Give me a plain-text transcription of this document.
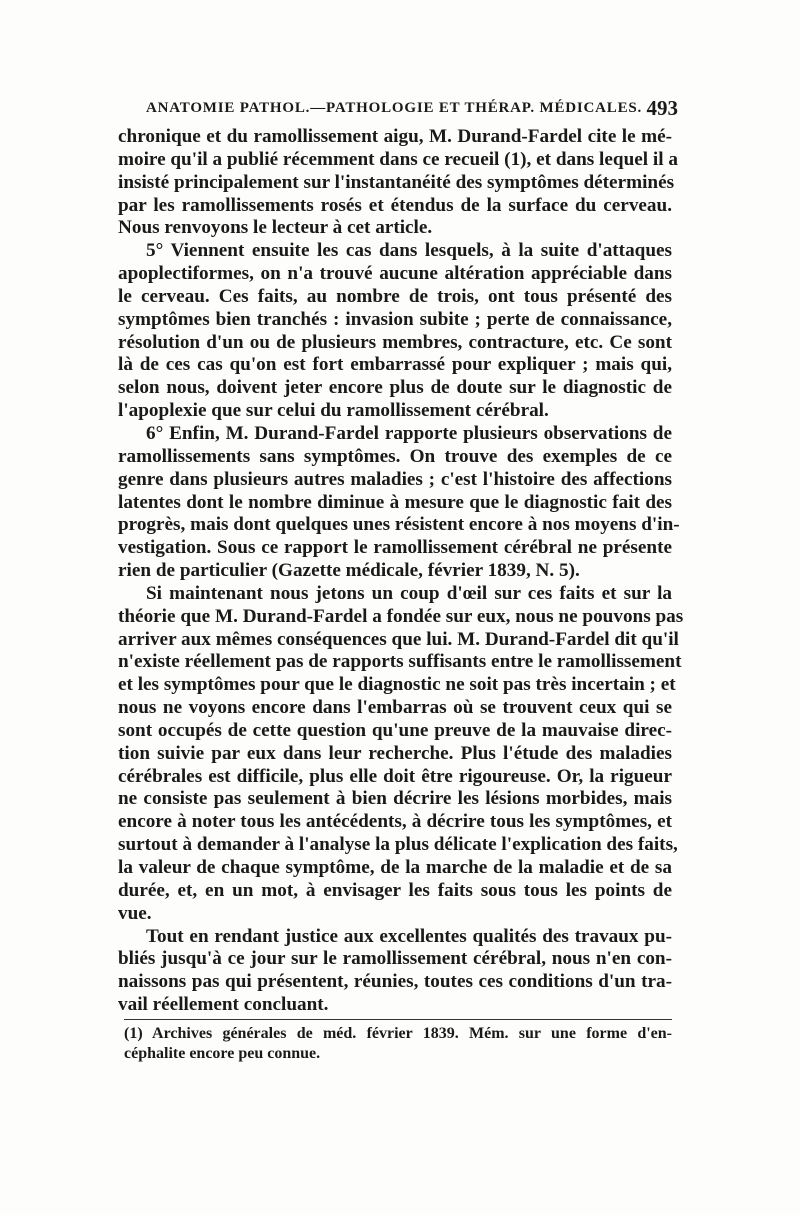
ANATOMIE PATHOL.—PATHOLOGIE ET THÉRAP. MÉDICALES. 493
chronique et du ramollissement aigu, M. Durand-Fardel cite le mé-
moire qu'il a publié récemment dans ce recueil (1), et dans lequel il a
insisté principalement sur l'instantanéité des symptômes déterminés
par les ramollissements rosés et étendus de la surface du cerveau.
Nous renvoyons le lecteur à cet article.
5° Viennent ensuite les cas dans lesquels, à la suite d'attaques
apoplectiformes, on n'a trouvé aucune altération appréciable dans
le cerveau. Ces faits, au nombre de trois, ont tous présenté des
symptômes bien tranchés : invasion subite ; perte de connaissance,
résolution d'un ou de plusieurs membres, contracture, etc. Ce sont
là de ces cas qu'on est fort embarrassé pour expliquer ; mais qui,
selon nous, doivent jeter encore plus de doute sur le diagnostic de
l'apoplexie que sur celui du ramollissement cérébral.
6° Enfin, M. Durand-Fardel rapporte plusieurs observations de
ramollissements sans symptômes. On trouve des exemples de ce
genre dans plusieurs autres maladies ; c'est l'histoire des affections
latentes dont le nombre diminue à mesure que le diagnostic fait des
progrès, mais dont quelques unes résistent encore à nos moyens d'in-
vestigation. Sous ce rapport le ramollissement cérébral ne présente
rien de particulier (Gazette médicale, février 1839, N. 5).
Si maintenant nous jetons un coup d'œil sur ces faits et sur la
théorie que M. Durand-Fardel a fondée sur eux, nous ne pouvons pas
arriver aux mêmes conséquences que lui. M. Durand-Fardel dit qu'il
n'existe réellement pas de rapports suffisants entre le ramollissement
et les symptômes pour que le diagnostic ne soit pas très incertain ; et
nous ne voyons encore dans l'embarras où se trouvent ceux qui se
sont occupés de cette question qu'une preuve de la mauvaise direc-
tion suivie par eux dans leur recherche. Plus l'étude des maladies
cérébrales est difficile, plus elle doit être rigoureuse. Or, la rigueur
ne consiste pas seulement à bien décrire les lésions morbides, mais
encore à noter tous les antécédents, à décrire tous les symptômes, et
surtout à demander à l'analyse la plus délicate l'explication des faits,
la valeur de chaque symptôme, de la marche de la maladie et de sa
durée, et, en un mot, à envisager les faits sous tous les points de
vue.
Tout en rendant justice aux excellentes qualités des travaux pu-
bliés jusqu'à ce jour sur le ramollissement cérébral, nous n'en con-
naissons pas qui présentent, réunies, toutes ces conditions d'un tra-
vail réellement concluant.
(1) Archives générales de méd. février 1839. Mém. sur une forme d'en-
céphalite encore peu connue.
